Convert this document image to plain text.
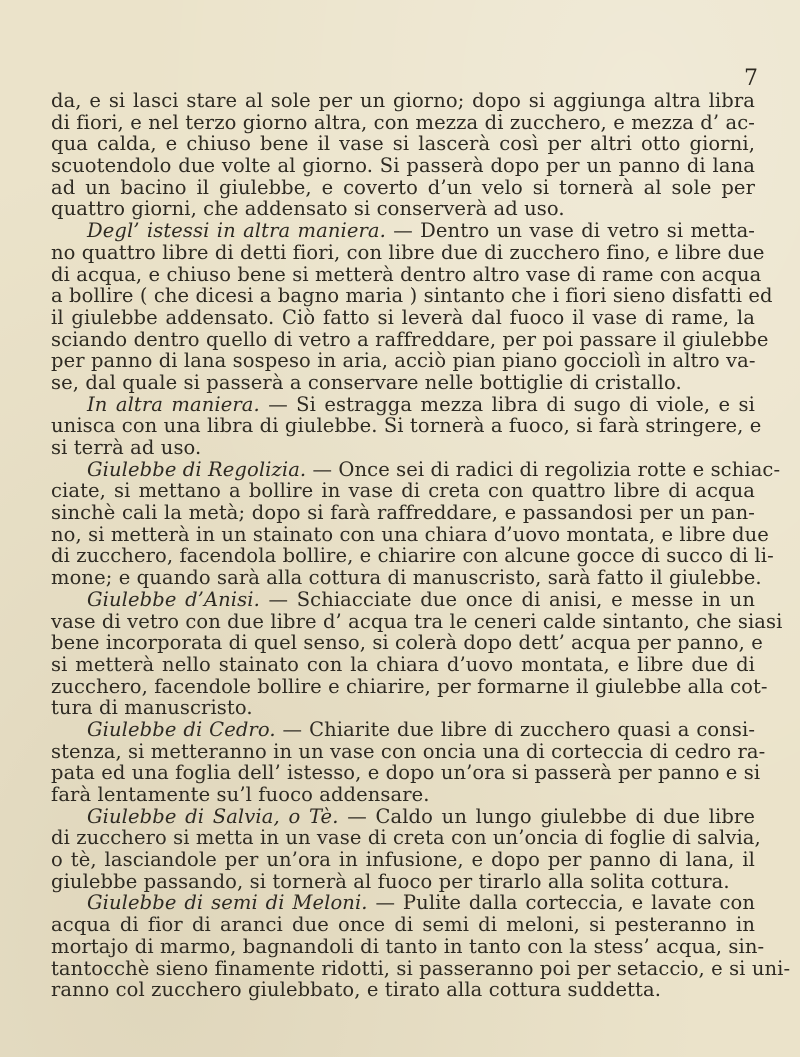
7
da, e si lasci stare al sole per un giorno; dopo si aggiunga altra libra
di fiori, e nel terzo giorno altra, con mezza di zucchero, e mezza d’ ac-
qua calda, e chiuso bene il vase si lascerà così per altri otto giorni,
scuotendolo due volte al giorno. Si passerà dopo per un panno di lana
ad un bacino il giulebbe, e coverto d’un velo si tornerà al sole per
quattro giorni, che addensato si conserverà ad uso.
Degl’ istessi in altra maniera. — Dentro un vase di vetro si metta-
no quattro libre di detti fiori, con libre due di zucchero fino, e libre due
di acqua, e chiuso bene si metterà dentro altro vase di rame con acqua
a bollire ( che dicesi a bagno maria ) sintanto che i fiori sieno disfatti ed
il giulebbe addensato. Ciò fatto si leverà dal fuoco il vase di rame, la
sciando dentro quello di vetro a raffreddare, per poi passare il giulebbe
per panno di lana sospeso in aria, acciò pian piano gocciolì in altro va-
se, dal quale si passerà a conservare nelle bottiglie di cristallo.
In altra maniera. — Si estragga mezza libra di sugo di viole, e si
unisca con una libra di giulebbe. Si tornerà a fuoco, si farà stringere, e
si terrà ad uso.
Giulebbe di Regolizia. — Once sei di radici di regolizia rotte e schiac-
ciate, si mettano a bollire in vase di creta con quattro libre di acqua
sinchè cali la metà; dopo si farà raffreddare, e passandosi per un pan-
no, si metterà in un stainato con una chiara d’uovo montata, e libre due
di zucchero, facendola bollire, e chiarire con alcune gocce di succo di li-
mone; e quando sarà alla cottura di manuscristo, sarà fatto il giulebbe.
Giulebbe d’Anisi. — Schiacciate due once di anisi, e messe in un
vase di vetro con due libre d’ acqua tra le ceneri calde sintanto, che siasi
bene incorporata di quel senso, si colerà dopo dett’ acqua per panno, e
si metterà nello stainato con la chiara d’uovo montata, e libre due di
zucchero, facendole bollire e chiarire, per formarne il giulebbe alla cot-
tura di manuscristo.
Giulebbe di Cedro. — Chiarite due libre di zucchero quasi a consi-
stenza, si metteranno in un vase con oncia una di corteccia di cedro ra-
pata ed una foglia dell’ istesso, e dopo un’ora si passerà per panno e si
farà lentamente su’l fuoco addensare.
Giulebbe di Salvia, o Tè. — Caldo un lungo giulebbe di due libre
di zucchero si metta in un vase di creta con un’oncia di foglie di salvia,
o tè, lasciandole per un’ora in infusione, e dopo per panno di lana, il
giulebbe passando, si tornerà al fuoco per tirarlo alla solita cottura.
Giulebbe di semi di Meloni. — Pulite dalla corteccia, e lavate con
acqua di fior di aranci due once di semi di meloni, si pesteranno in
mortajo di marmo, bagnandoli di tanto in tanto con la stess’ acqua, sin-
tantocchè sieno finamente ridotti, si passeranno poi per setaccio, e si uni-
ranno col zucchero giulebbato, e tirato alla cottura suddetta.
